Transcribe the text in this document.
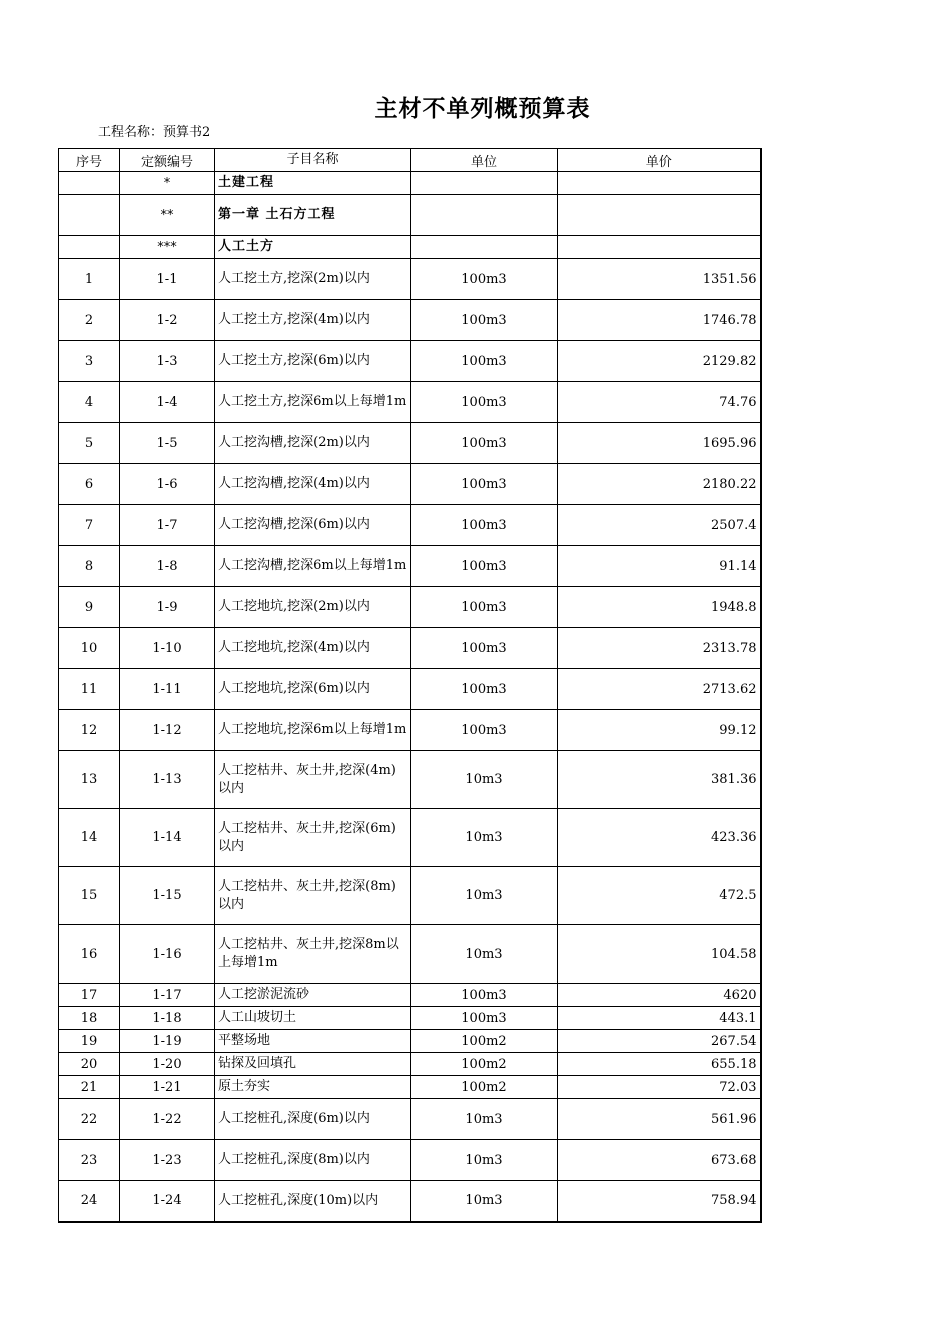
主材不单列概预算表
工程名称：预算书2
序号	定额编号	子目名称	单位	单价
	*	土建工程		
	**	第一章 土石方工程		
	***	人工土方		
1	1-1	人工挖土方,挖深(2m)以内	100m3	1351.56
2	1-2	人工挖土方,挖深(4m)以内	100m3	1746.78
3	1-3	人工挖土方,挖深(6m)以内	100m3	2129.82
4	1-4	人工挖土方,挖深6m以上每增1m	100m3	74.76
5	1-5	人工挖沟槽,挖深(2m)以内	100m3	1695.96
6	1-6	人工挖沟槽,挖深(4m)以内	100m3	2180.22
7	1-7	人工挖沟槽,挖深(6m)以内	100m3	2507.4
8	1-8	人工挖沟槽,挖深6m以上每增1m	100m3	91.14
9	1-9	人工挖地坑,挖深(2m)以内	100m3	1948.8
10	1-10	人工挖地坑,挖深(4m)以内	100m3	2313.78
11	1-11	人工挖地坑,挖深(6m)以内	100m3	2713.62
12	1-12	人工挖地坑,挖深6m以上每增1m	100m3	99.12
13	1-13	人工挖枯井、灰土井,挖深(4m)以内	10m3	381.36
14	1-14	人工挖枯井、灰土井,挖深(6m)以内	10m3	423.36
15	1-15	人工挖枯井、灰土井,挖深(8m)以内	10m3	472.5
16	1-16	人工挖枯井、灰土井,挖深8m以上每增1m	10m3	104.58
17	1-17	人工挖淤泥流砂	100m3	4620
18	1-18	人工山坡切土	100m3	443.1
19	1-19	平整场地	100m2	267.54
20	1-20	钻探及回填孔	100m2	655.18
21	1-21	原土夯实	100m2	72.03
22	1-22	人工挖桩孔,深度(6m)以内	10m3	561.96
23	1-23	人工挖桩孔,深度(8m)以内	10m3	673.68
24	1-24	人工挖桩孔,深度(10m)以内	10m3	758.94
